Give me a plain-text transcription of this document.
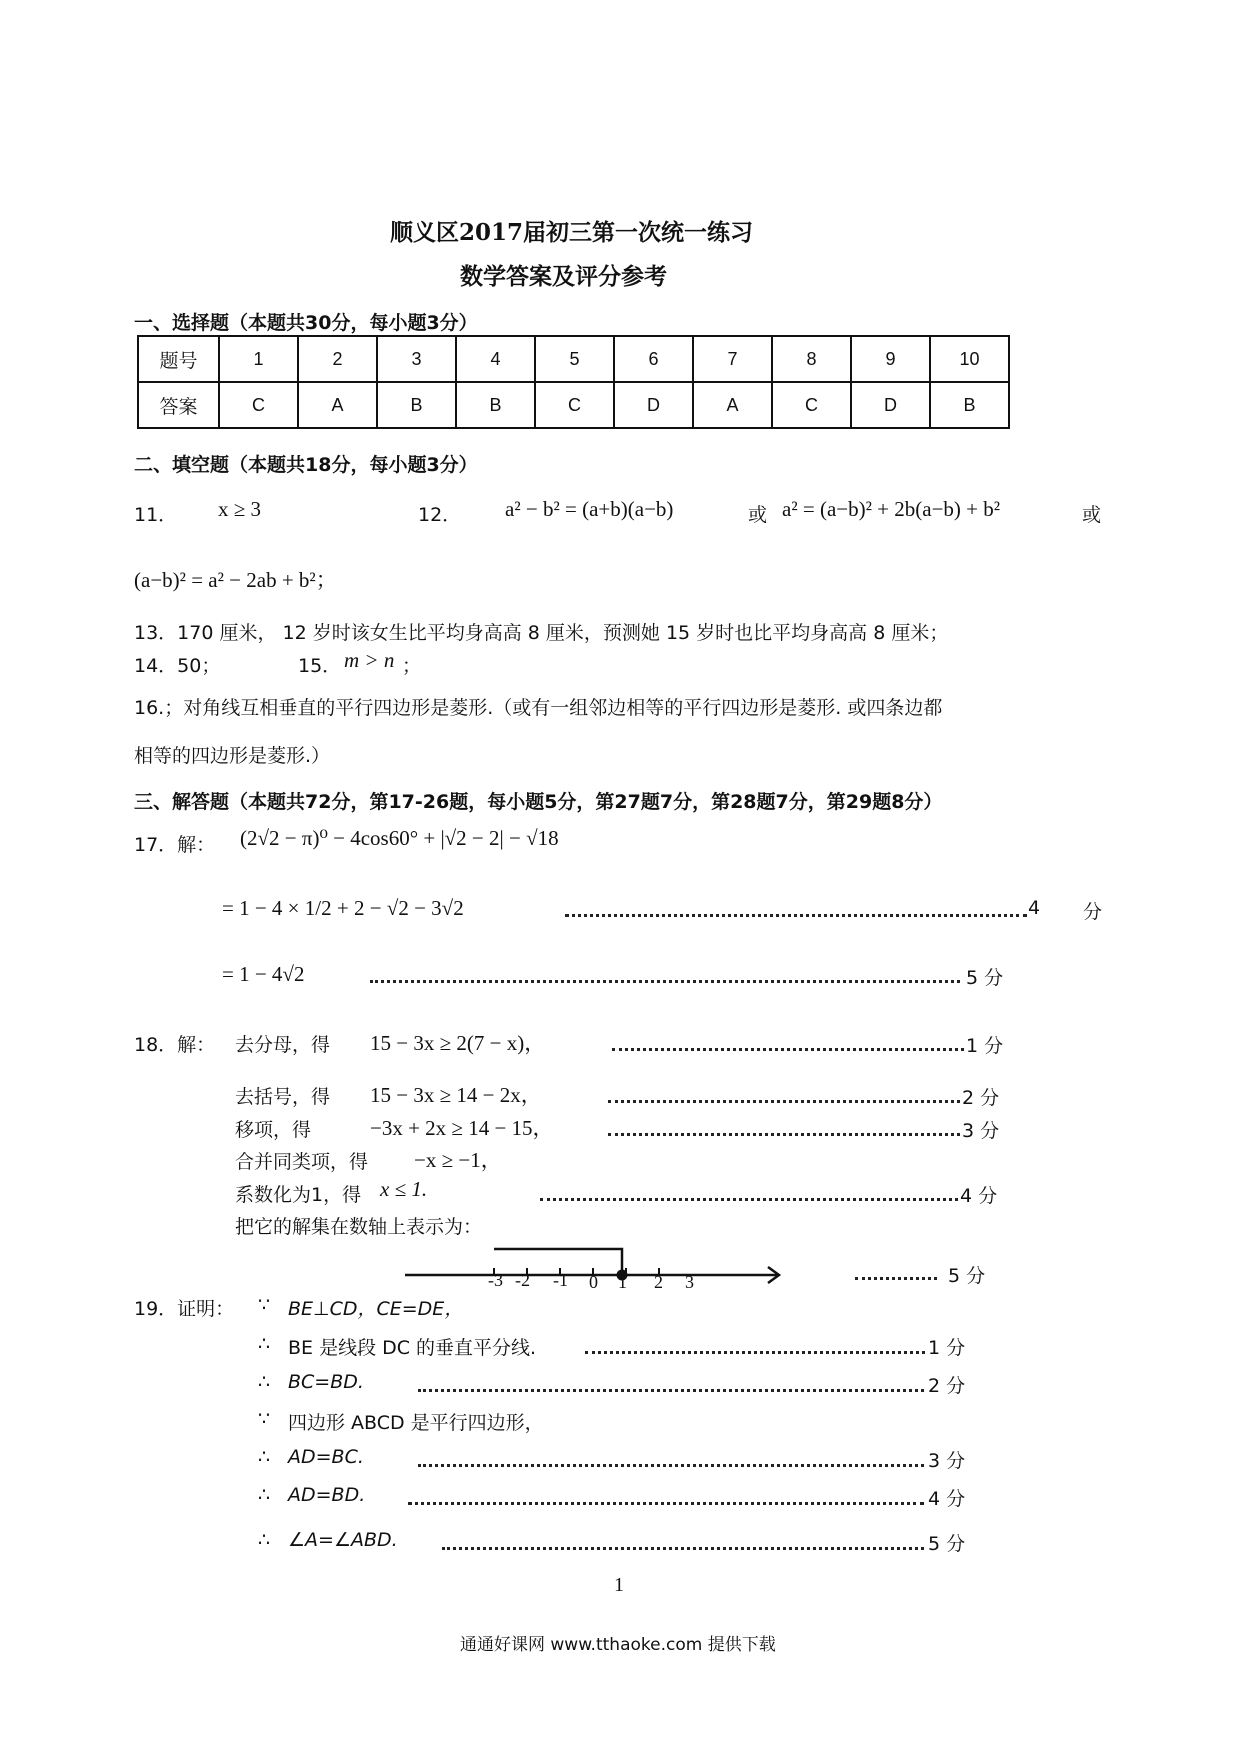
顺义区2017届初三第一次统一练习
数学答案及评分参考
一、选择题（本题共30分，每小题3分）
题号	1	2	3	4	5	6	7	8	9	10
答案	C	A	B	B	C	D	A	C	D	B
二、填空题（本题共18分，每小题3分）
11． x ≥ 3	12． a² − b² = (a+b)(a−b)	或 a² = (a−b)² + 2b(a−b) + b²	或
(a−b)² = a² − 2ab + b²；
13．170 厘米， 12 岁时该女生比平均身高高 8 厘米，预测她 15 岁时也比平均身高高 8 厘米；
14．50；	15． m > n ；
16.；对角线互相垂直的平行四边形是菱形.（或有一组邻边相等的平行四边形是菱形. 或四条边都
相等的四边形是菱形.）
三、解答题（本题共72分，第17-26题，每小题5分，第27题7分，第28题7分，第29题8分）
17．解： (2√2 − π)⁰ − 4cos60° + |√2 − 2| − √18
= 1 − 4 × 1/2 + 2 − √2 − 3√2	4 分
= 1 − 4√2	5 分
18．解： 去分母，得 15 − 3x ≥ 2(7 − x)，	1 分
去括号，得 15 − 3x ≥ 14 − 2x，	2 分
移项，得	−3x + 2x ≥ 14 − 15，	3 分
合并同类项，得 −x ≥ −1，
系数化为1，得 x ≤ 1.	4 分
把它的解集在数轴上表示为：
-3 -2 -1 0 1 2 3	5 分
19．证明： ∵ BE⊥CD，CE=DE，
∴ BE 是线段 DC 的垂直平分线.	1 分
∴ BC=BD.	2 分
∵ 四边形 ABCD 是平行四边形，
∴ AD=BC.	3 分
∴ AD=BD.	4 分
∴ ∠A=∠ABD.	5 分
1
通通好课网 www.tthaoke.com 提供下载
